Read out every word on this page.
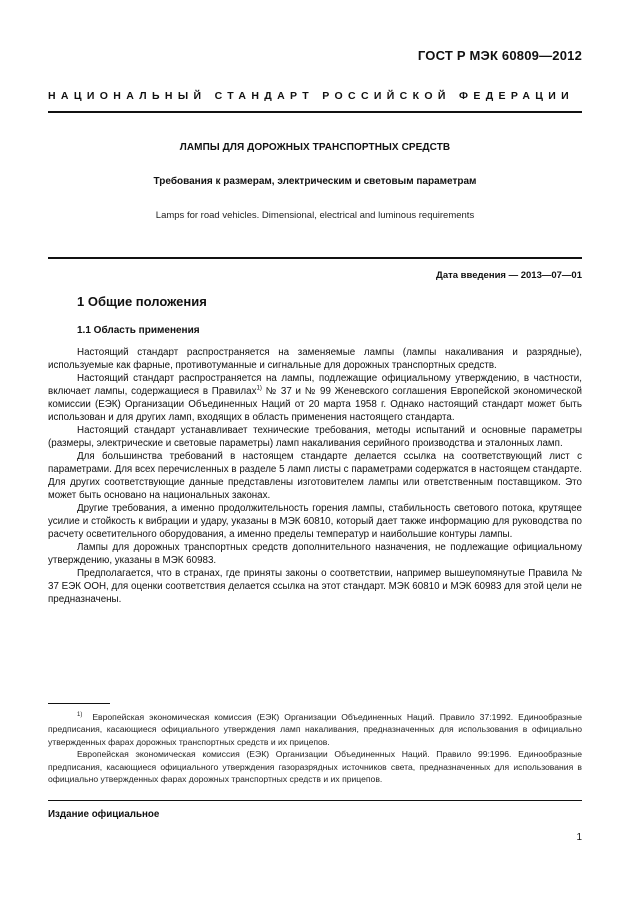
ГОСТ Р МЭК 60809—2012
НАЦИОНАЛЬНЫЙ СТАНДАРТ РОССИЙСКОЙ ФЕДЕРАЦИИ
ЛАМПЫ ДЛЯ ДОРОЖНЫХ ТРАНСПОРТНЫХ СРЕДСТВ
Требования к размерам, электрическим и световым параметрам
Lamps for road vehicles. Dimensional, electrical and luminous requirements
Дата введения — 2013—07—01
1 Общие положения
1.1 Область применения

Настоящий стандарт распространяется на заменяемые лампы (лампы накаливания и разрядные), используемые как фарные, противотуманные и сигнальные для дорожных транспортных средств.

Настоящий стандарт распространяется на лампы, подлежащие официальному утверждению, в частности, включает лампы, содержащиеся в Правилах$^{1)}$ № 37 и № 99 Женевского соглашения Европейской экономической комиссии (ЕЭК) Организации Объединенных Наций от 20 марта 1958 г. Однако настоящий стандарт может быть использован и для других ламп, входящих в область применения настоящего стандарта.

Настоящий стандарт устанавливает технические требования, методы испытаний и основные параметры (размеры, электрические и световые параметры) ламп накаливания серийного производства и эталонных ламп.

Для большинства требований в настоящем стандарте делается ссылка на соответствующий лист с параметрами. Для всех перечисленных в разделе 5 ламп листы с параметрами содержатся в настоящем стандарте. Для других соответствующие данные представлены изготовителем лампы или ответственным поставщиком. Это может быть основано на национальных законах.

Другие требования, а именно продолжительность горения лампы, стабильность светового потока, крутящее усилие и стойкость к вибрации и удару, указаны в МЭК 60810, который дает также информацию для руководства по расчету осветительного оборудования, а именно пределы температур и наибольшие контуры лампы.

Лампы для дорожных транспортных средств дополнительного назначения, не подлежащие официальному утверждению, указаны в МЭК 60983.

Предполагается, что в странах, где приняты законы о соответствии, например вышеупомянутые Правила № 37 ЕЭК ООН, для оценки соответствия делается ссылка на этот стандарт. МЭК 60810 и МЭК 60983 для этой цели не предназначены.

$^{1)}$ Европейская экономическая комиссия (ЕЭК) Организации Объединенных Наций. Правило 37:1992. Единообразные предписания, касающиеся официального утверждения ламп накаливания, предназначенных для использования в официально утвержденных фарах дорожных транспортных средств и их прицепов.

Европейская экономическая комиссия (ЕЭК) Организации Объединенных Наций. Правило 99:1996. Единообразные предписания, касающиеся официального утверждения газоразрядных источников света, предназначенных для использования в официально утвержденных фарах дорожных транспортных средств и их прицепов.

Издание официальное
1
